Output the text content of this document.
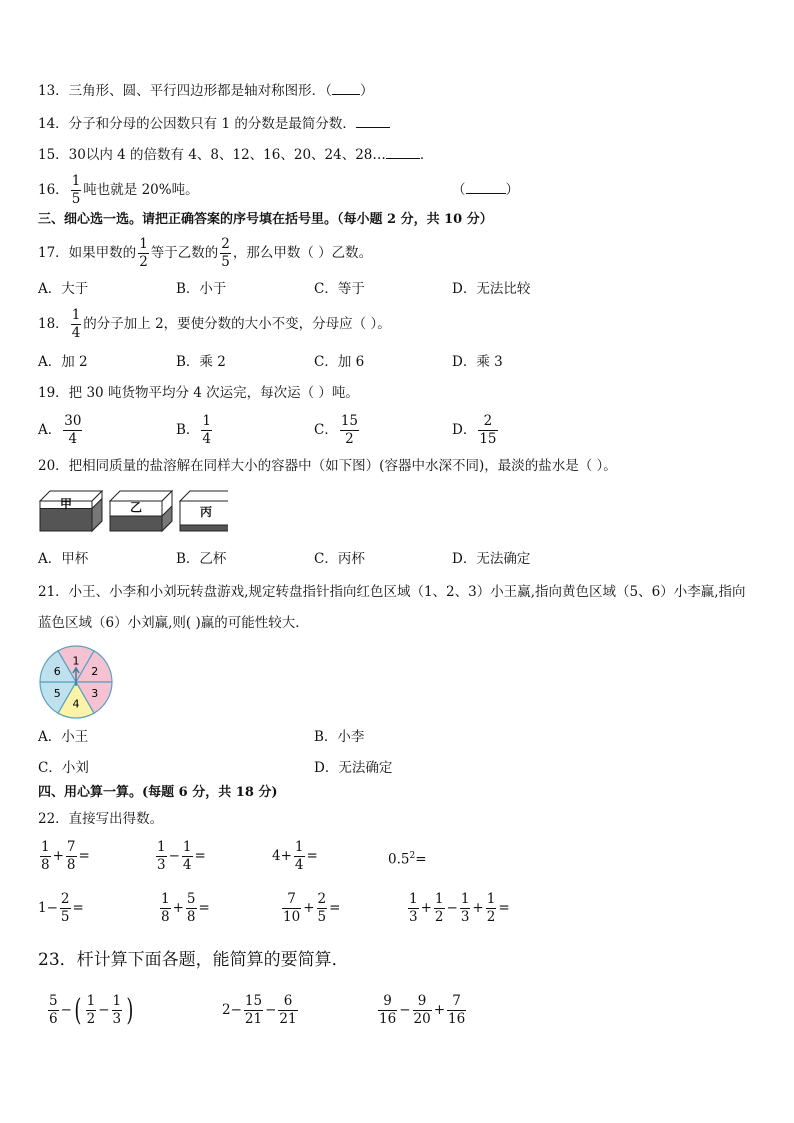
13．三角形、圆、平行四边形都是轴对称图形．（ ）
14．分子和分母的公因数只有 1 的分数是最简分数．
15．30以内 4 的倍数有 4、8、12、16、20、24、28…	．
16． $\frac{1}{5}$ 吨也就是 20%吨。	（	）
三、细心选一选。请把正确答案的序号填在括号里。（每小题 2 分，共 10 分）
17．如果甲数的 $\frac{1}{2}$ 等于乙数的 $\frac{2}{5}$ ，那么甲数（ ）乙数。
A．大于	B．小于	C．等于	D．无法比较
18． $\frac{1}{4}$ 的分子加上 2，要使分数的大小不变，分母应（ ）。
A．加 2	B．乘 2	C．加 6	D．乘 3
19．把 30 吨货物平均分 4 次运完，每次运（ ）吨。
A． $\frac{30}{4}$	B． $\frac{1}{4}$	C． $\frac{15}{2}$	D． $\frac{2}{15}$
20．把相同质量的盐溶解在同样大小的容器中（如下图）(容器中水深不同)，最淡的盐水是（ ）。
甲	乙	丙
A．甲杯	B．乙杯	C．丙杯	D．无法确定
21．小王、小李和小刘玩转盘游戏,规定转盘指针指向红色区域（1、2、3）小王赢,指向黄色区域（5、6）小李赢,指向
蓝色区域（6）小刘赢,则( )赢的可能性较大．
1
2
3
4
5
6
A．小王	B．小李
C．小刘	D．无法确定
四、用心算一算。(每题 6 分，共 18 分)
22．直接写出得数。
$\frac{1}{8} + \frac{7}{8}$ =	$\frac{1}{3} - \frac{1}{4}$ =	$4+ \frac{1}{4}$ =	$0.5^2=$
$1- \frac{2}{5}$ =	$\frac{1}{8} + \frac{5}{8}$ =	$\frac{7}{10} + \frac{2}{5}$ =	$\frac{1}{3} + \frac{1}{2} - \frac{1}{3} + \frac{1}{2}$ =
23．杆计算下面各题，能简算的要简算．
$\frac{5}{6}$ −( $\frac{1}{2} - \frac{1}{3}$ )	$2- \frac{15}{21} - \frac{6}{21}$	$\frac{9}{16} - \frac{9}{20} + \frac{7}{16}$
